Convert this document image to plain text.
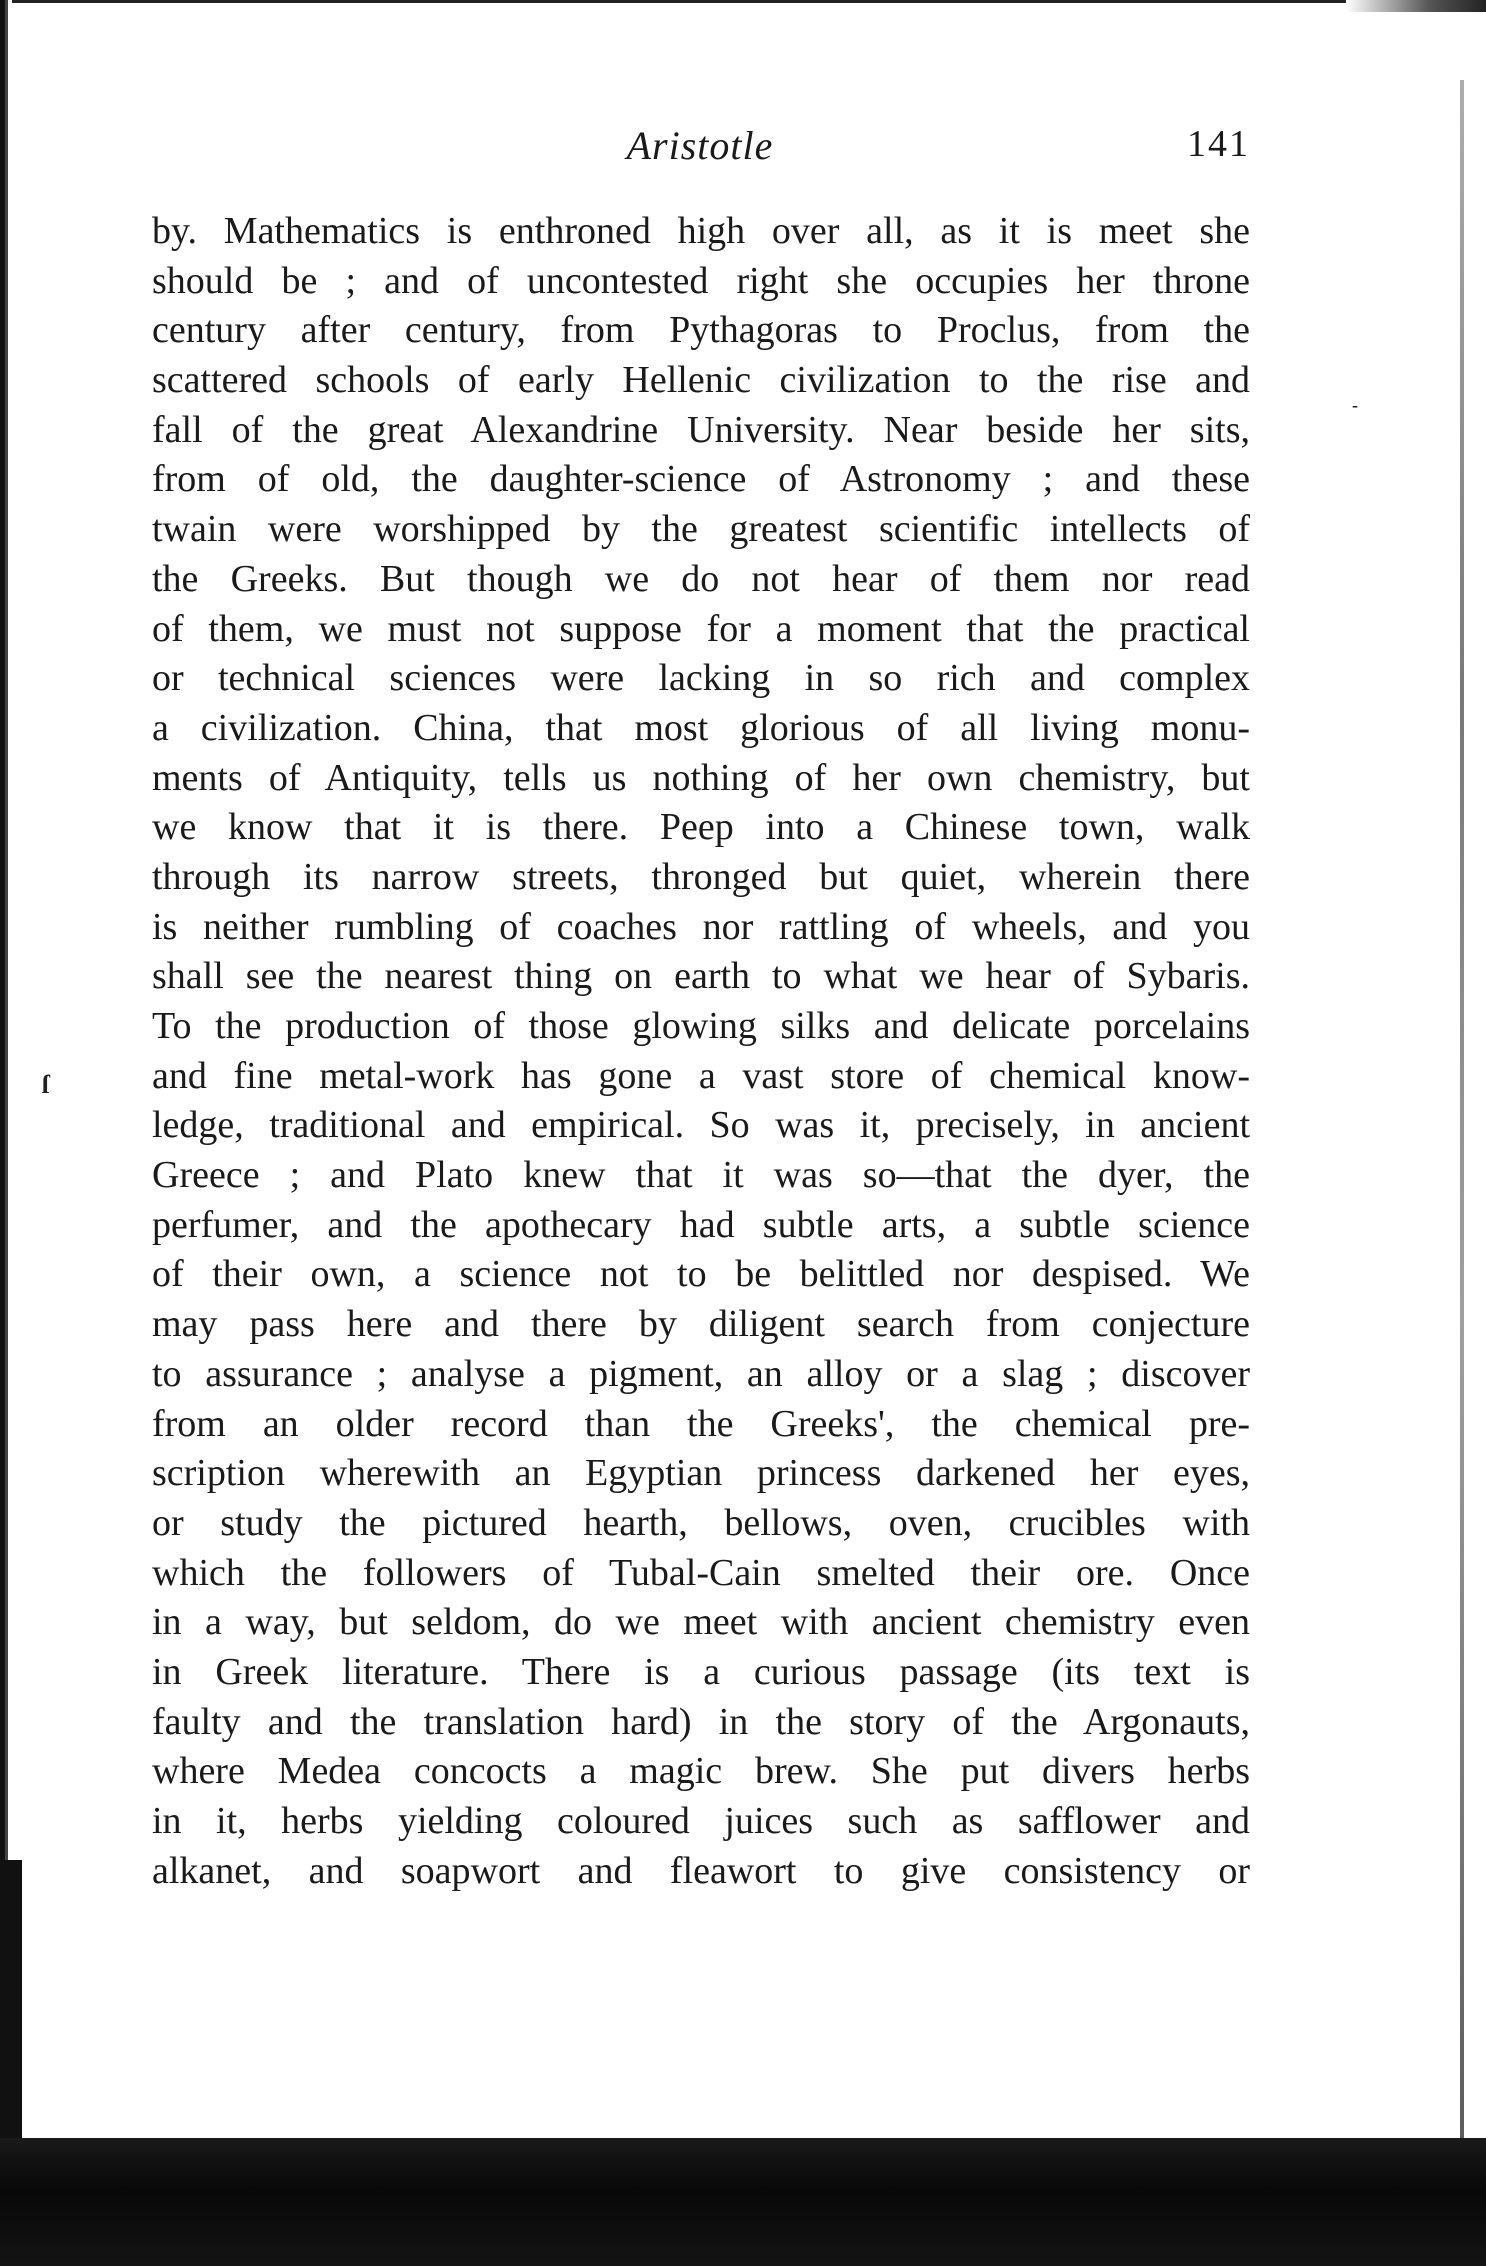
ſ
-
Aristotle	141
by. Mathematics is enthroned high over all, as it is meet she
should be ; and of uncontested right she occupies her throne
century after century, from Pythagoras to Proclus, from the
scattered schools of early Hellenic civilization to the rise and
fall of the great Alexandrine University. Near beside her sits,
from of old, the daughter-science of Astronomy ; and these
twain were worshipped by the greatest scientific intellects of
the Greeks. But though we do not hear of them nor read
of them, we must not suppose for a moment that the practical
or technical sciences were lacking in so rich and complex
a civilization. China, that most glorious of all living monu-
ments of Antiquity, tells us nothing of her own chemistry, but
we know that it is there. Peep into a Chinese town, walk
through its narrow streets, thronged but quiet, wherein there
is neither rumbling of coaches nor rattling of wheels, and you
shall see the nearest thing on earth to what we hear of Sybaris.
To the production of those glowing silks and delicate porcelains
and fine metal-work has gone a vast store of chemical know-
ledge, traditional and empirical. So was it, precisely, in ancient
Greece ; and Plato knew that it was so—that the dyer, the
perfumer, and the apothecary had subtle arts, a subtle science
of their own, a science not to be belittled nor despised. We
may pass here and there by diligent search from conjecture
to assurance ; analyse a pigment, an alloy or a slag ; discover
from an older record than the Greeks', the chemical pre-
scription wherewith an Egyptian princess darkened her eyes,
or study the pictured hearth, bellows, oven, crucibles with
which the followers of Tubal-Cain smelted their ore. Once
in a way, but seldom, do we meet with ancient chemistry even
in Greek literature. There is a curious passage (its text is
faulty and the translation hard) in the story of the Argonauts,
where Medea concocts a magic brew. She put divers herbs
in it, herbs yielding coloured juices such as safflower and
alkanet, and soapwort and fleawort to give consistency or
